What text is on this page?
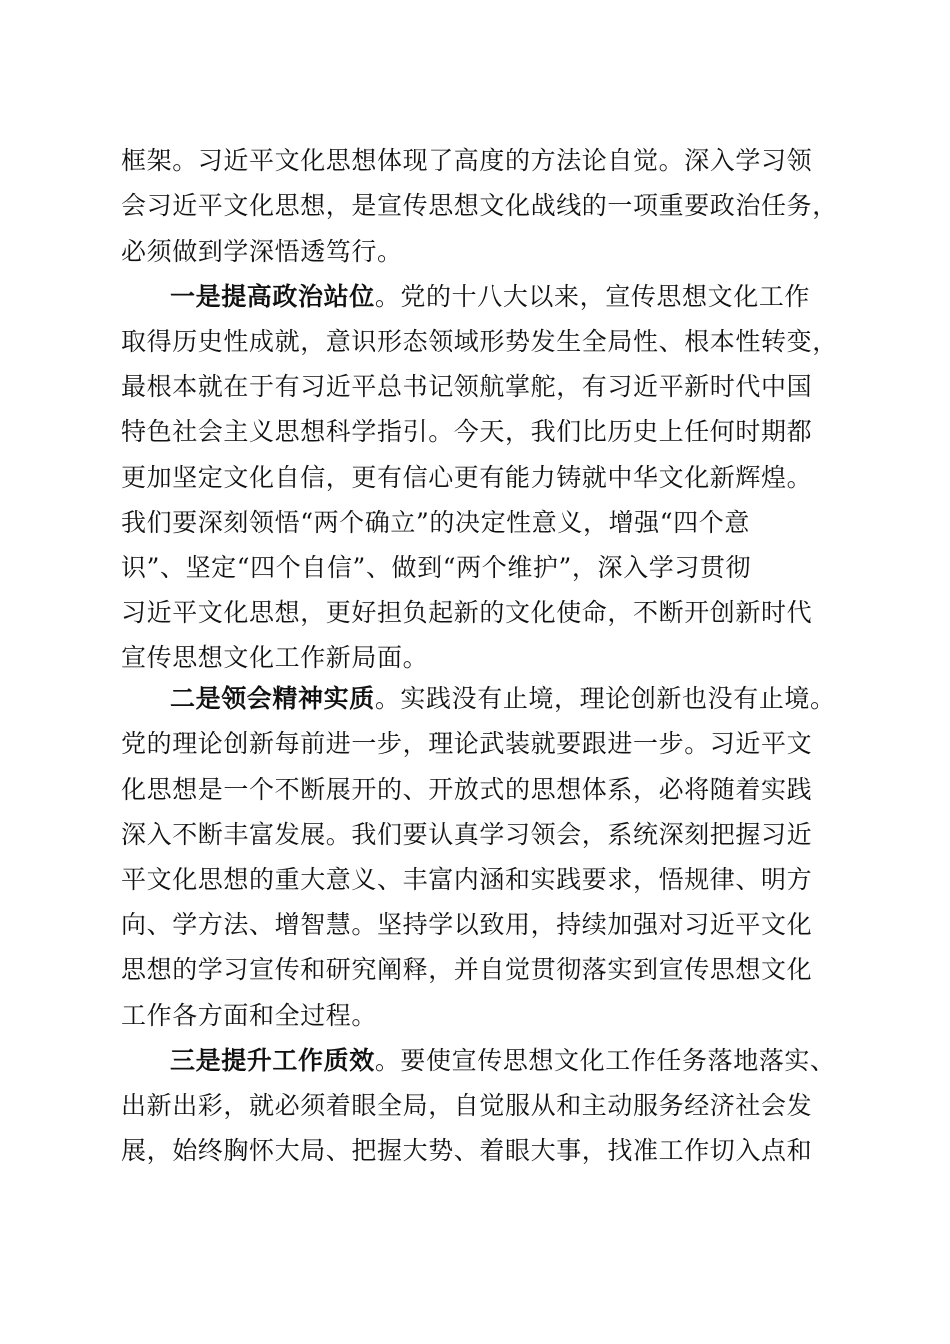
框架。习近平文化思想体现了高度的方法论自觉。深入学习领
会习近平文化思想，是宣传思想文化战线的一项重要政治任务，
必须做到学深悟透笃行。
一是提高政治站位。党的十八大以来，宣传思想文化工作
取得历史性成就，意识形态领域形势发生全局性、根本性转变，
最根本就在于有习近平总书记领航掌舵，有习近平新时代中国
特色社会主义思想科学指引。今天，我们比历史上任何时期都
更加坚定文化自信，更有信心更有能力铸就中华文化新辉煌。
我们要深刻领悟“两个确立”的决定性意义，增强“四个意
识”、坚定“四个自信”、做到“两个维护”，深入学习贯彻
习近平文化思想，更好担负起新的文化使命，不断开创新时代
宣传思想文化工作新局面。
二是领会精神实质。实践没有止境，理论创新也没有止境。
党的理论创新每前进一步，理论武装就要跟进一步。习近平文
化思想是一个不断展开的、开放式的思想体系，必将随着实践
深入不断丰富发展。我们要认真学习领会，系统深刻把握习近
平文化思想的重大意义、丰富内涵和实践要求，悟规律、明方
向、学方法、增智慧。坚持学以致用，持续加强对习近平文化
思想的学习宣传和研究阐释，并自觉贯彻落实到宣传思想文化
工作各方面和全过程。
三是提升工作质效。要使宣传思想文化工作任务落地落实、
出新出彩，就必须着眼全局，自觉服从和主动服务经济社会发
展，始终胸怀大局、把握大势、着眼大事，找准工作切入点和
